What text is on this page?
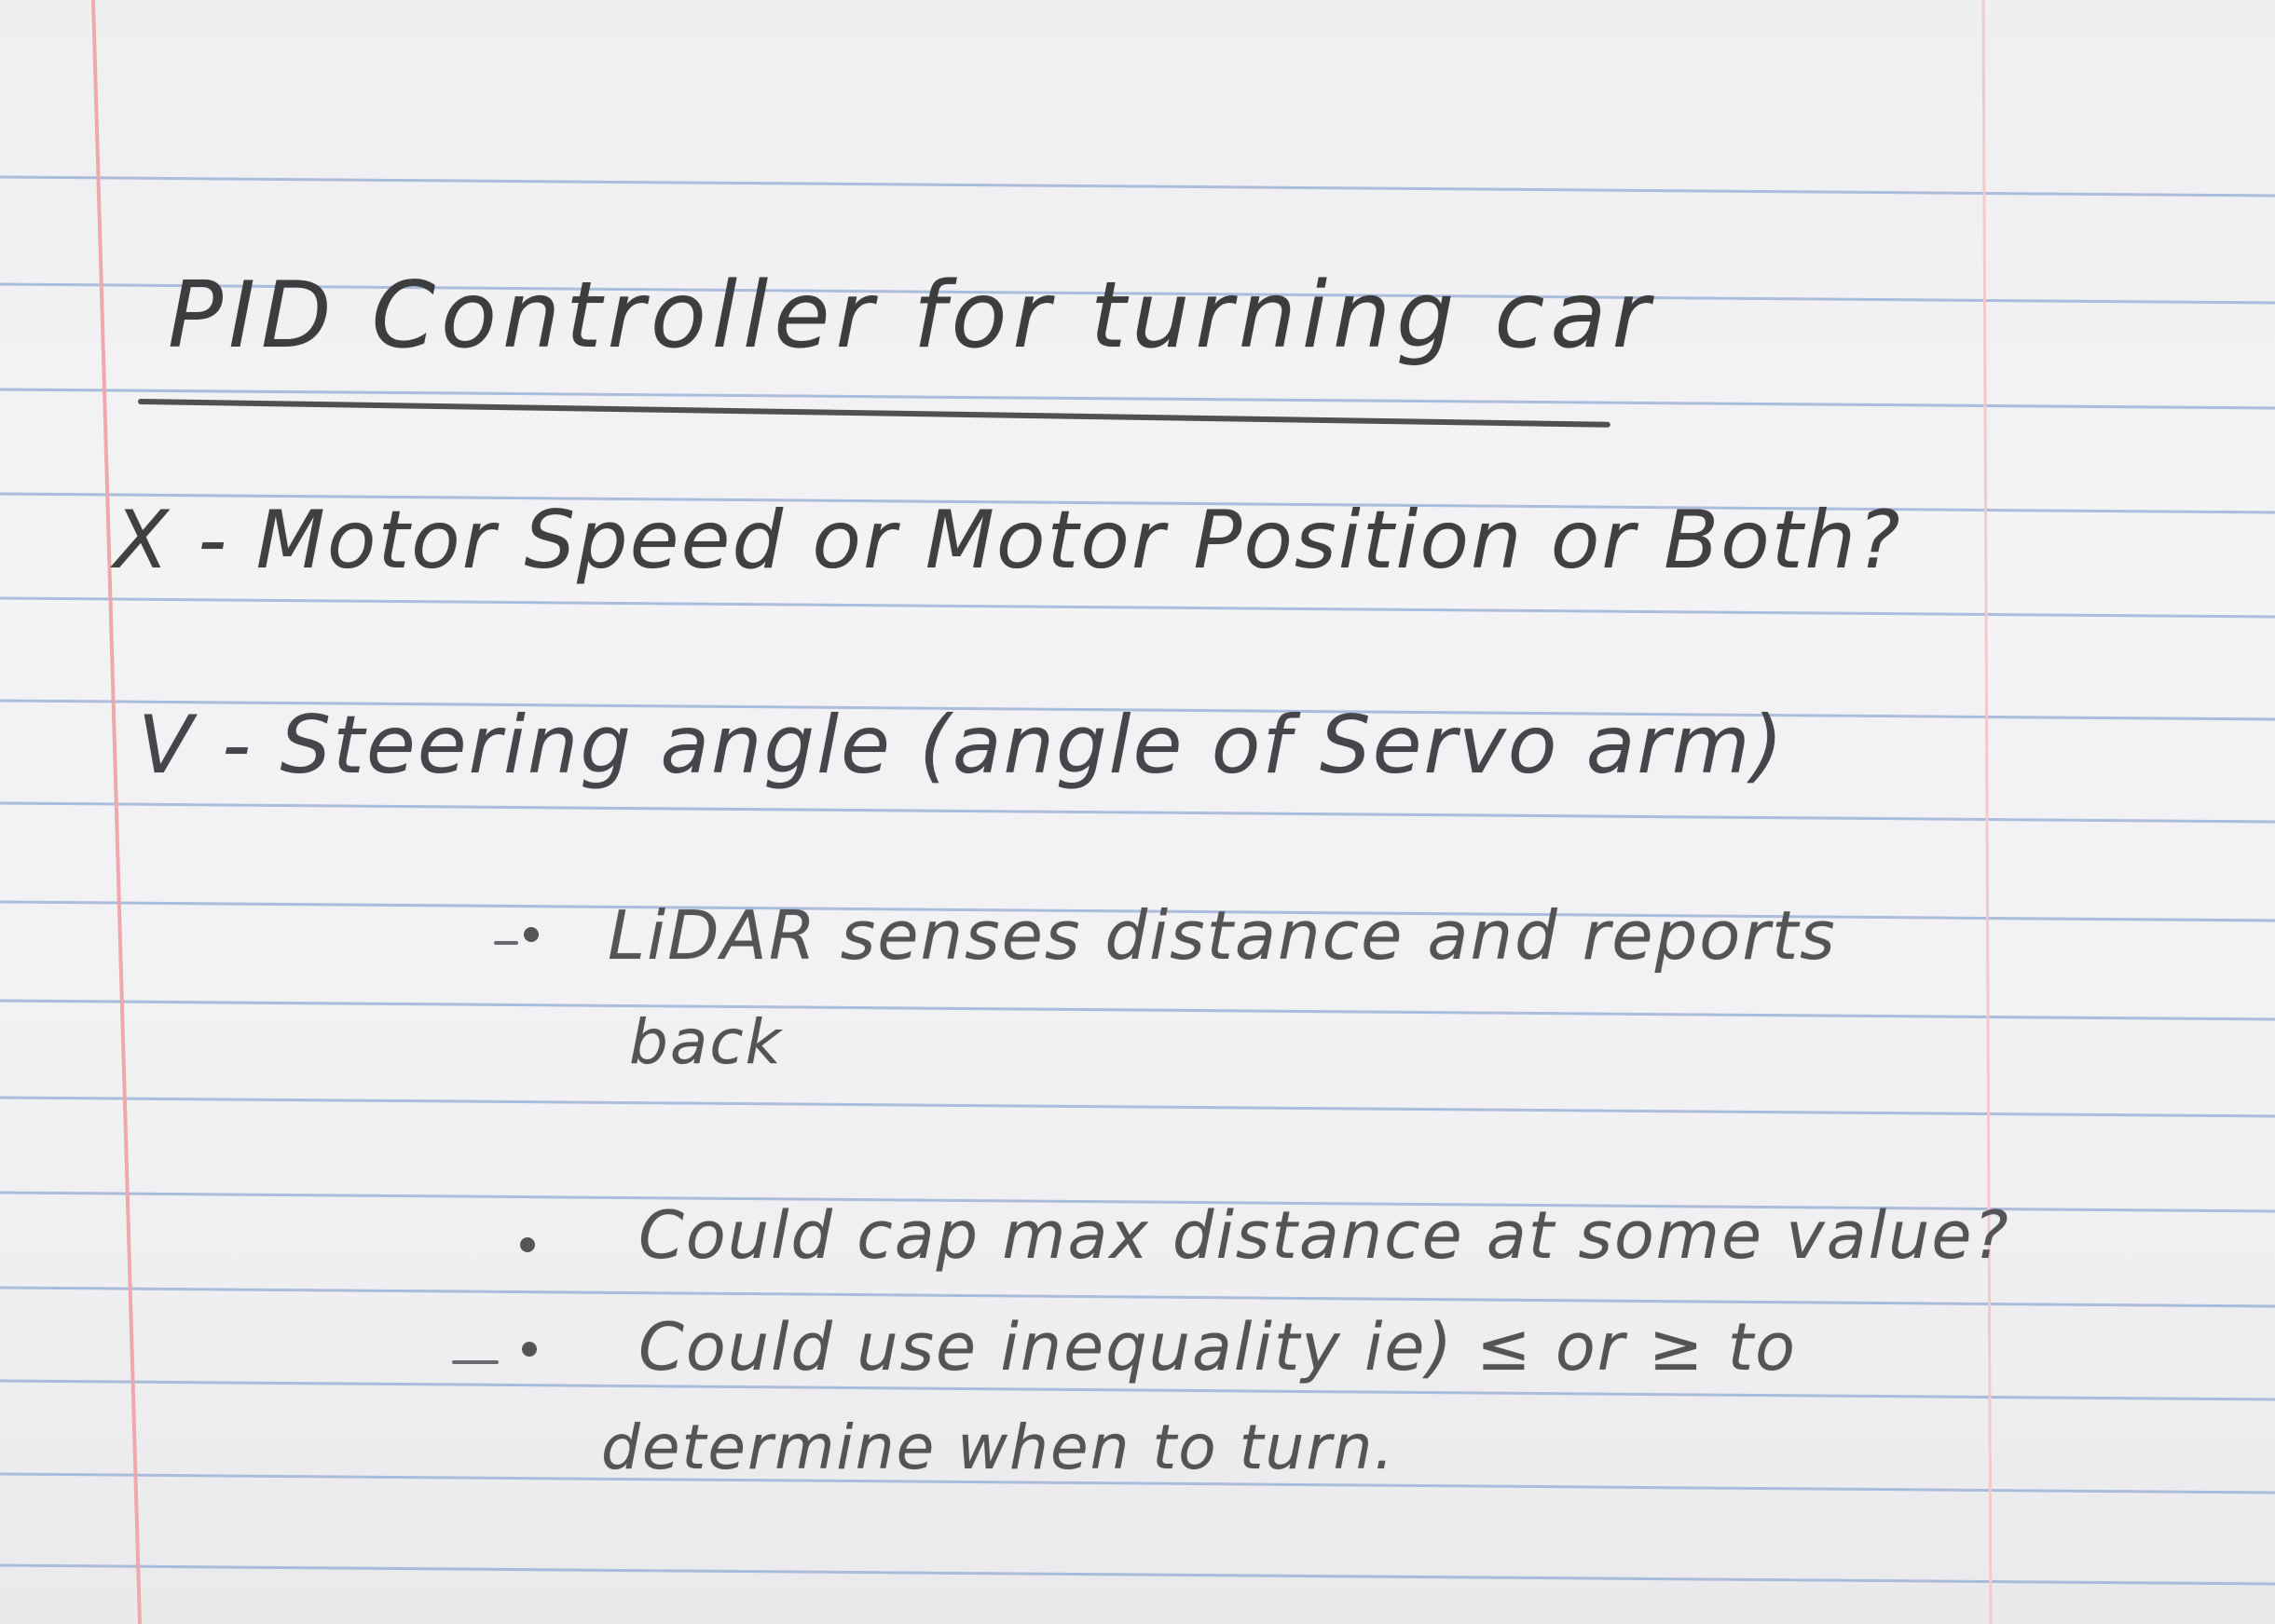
PID Controller for turning car
X - Motor Speed or Motor Position or Both?
V - Steering angle (angle of Servo arm)
LiDAR senses distance and reports
back
Could cap max distance at some value?
Could use inequality ie) ≤ or ≥ to
determine when to turn.
